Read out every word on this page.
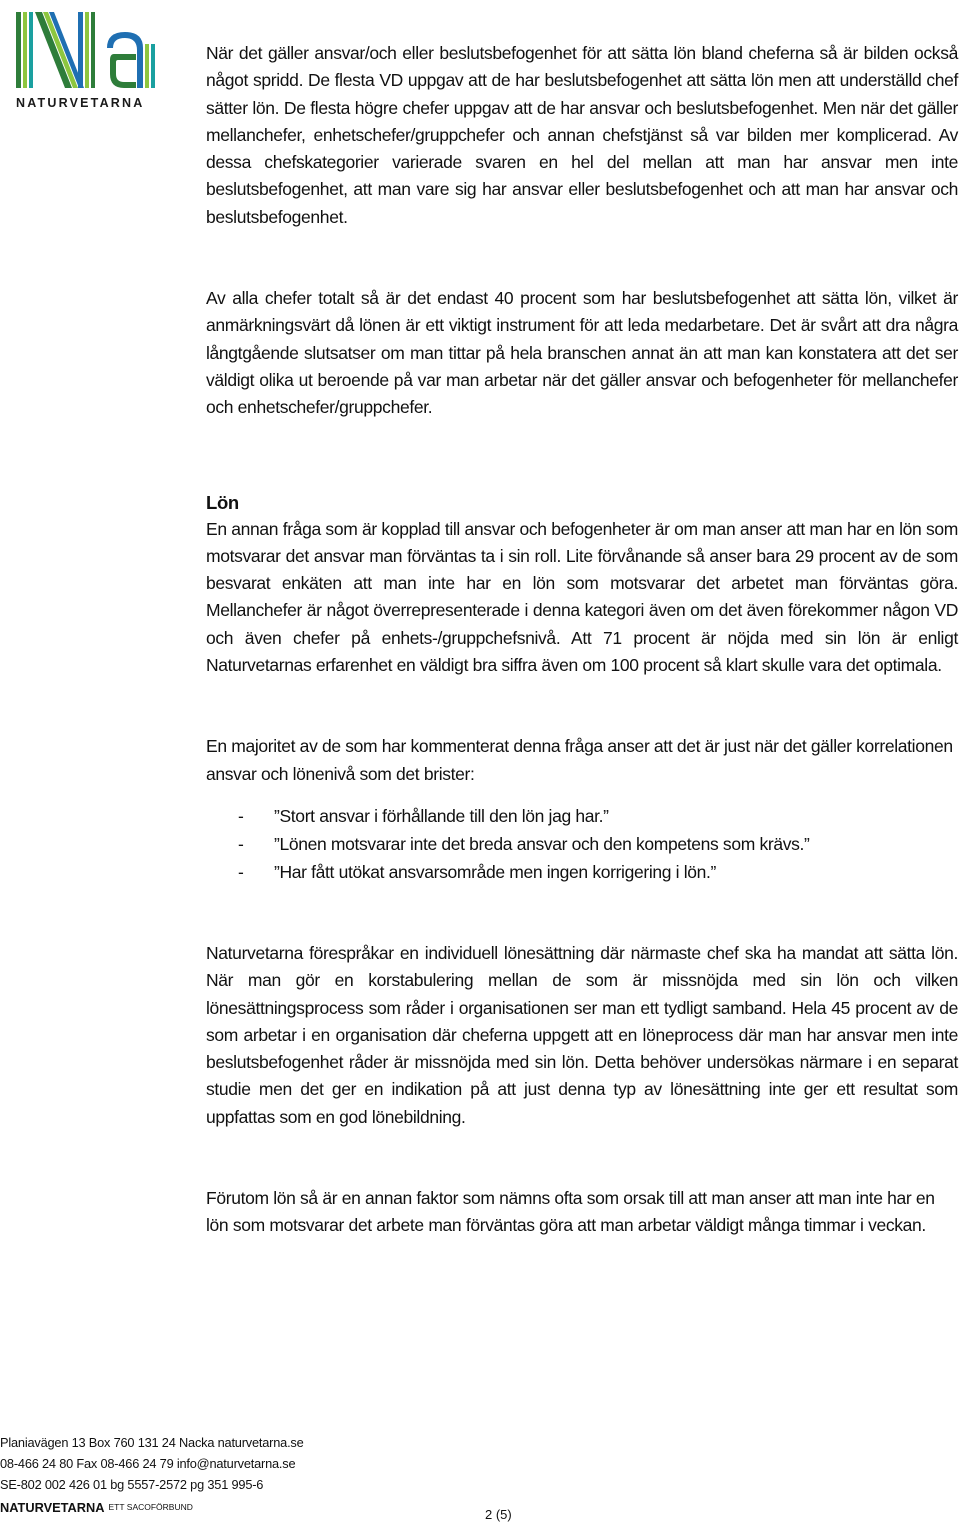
NATURVETARNA

När det gäller ansvar/och eller beslutsbefogenhet för att sätta lön bland cheferna så är bilden också något spridd. De flesta VD uppgav att de har beslutsbefogenhet att sätta lön men att underställd chef sätter lön. De flesta högre chefer uppgav att de har ansvar och beslutsbefogenhet. Men när det gäller mellanchefer, enhetschefer/gruppchefer och annan chefstjänst så var bilden mer komplicerad. Av dessa chefskategorier varierade svaren en hel del mellan att man har ansvar men inte beslutsbefogenhet, att man vare sig har ansvar eller beslutsbefogenhet och att man har ansvar och beslutsbefogenhet.

Av alla chefer totalt så är det endast 40 procent som har beslutsbefogenhet att sätta lön, vilket är anmärkningsvärt då lönen är ett viktigt instrument för att leda medarbetare. Det är svårt att dra några långtgående slutsatser om man tittar på hela branschen annat än att man kan konstatera att det ser väldigt olika ut beroende på var man arbetar när det gäller ansvar och befogenheter för mellanchefer och enhetschefer/gruppchefer.

Lön

En annan fråga som är kopplad till ansvar och befogenheter är om man anser att man har en lön som motsvarar det ansvar man förväntas ta i sin roll. Lite förvånande så anser bara 29 procent av de som besvarat enkäten att man inte har en lön som motsvarar det arbetet man förväntas göra. Mellanchefer är något överrepresenterade i denna kategori även om det även förekommer någon VD och även chefer på enhets-/gruppchefsnivå. Att 71 procent är nöjda med sin lön är enligt Naturvetarnas erfarenhet en väldigt bra siffra även om 100 procent så klart skulle vara det optimala.

En majoritet av de som har kommenterat denna fråga anser att det är just när det gäller korrelationen ansvar och lönenivå som det brister:

- ”Stort ansvar i förhållande till den lön jag har.”
- ”Lönen motsvarar inte det breda ansvar och den kompetens som krävs.”
- ”Har fått utökat ansvarsområde men ingen korrigering i lön.”

Naturvetarna förespråkar en individuell lönesättning där närmaste chef ska ha mandat att sätta lön. När man gör en korstabulering mellan de som är missnöjda med sin lön och vilken lönesättningsprocess som råder i organisationen ser man ett tydligt samband. Hela 45 procent av de som arbetar i en organisation där cheferna uppgett att en löneprocess där man har ansvar men inte beslutsbefogenhet råder är missnöjda med sin lön. Detta behöver undersökas närmare i en separat studie men det ger en indikation på att just denna typ av lönesättning inte ger ett resultat som uppfattas som en god lönebildning.

Förutom lön så är en annan faktor som nämns ofta som orsak till att man anser att man inte har en lön som motsvarar det arbete man förväntas göra att man arbetar väldigt många timmar i veckan.

Planiavägen 13 Box 760 131 24 Nacka naturvetarna.se
08-466 24 80 Fax 08-466 24 79 info@naturvetarna.se
SE-802 002 426 01 bg 5557-2572 pg 351 995-6
NATURVETARNA $^{ETT SACOFÖRBUND}$	2 (5)
